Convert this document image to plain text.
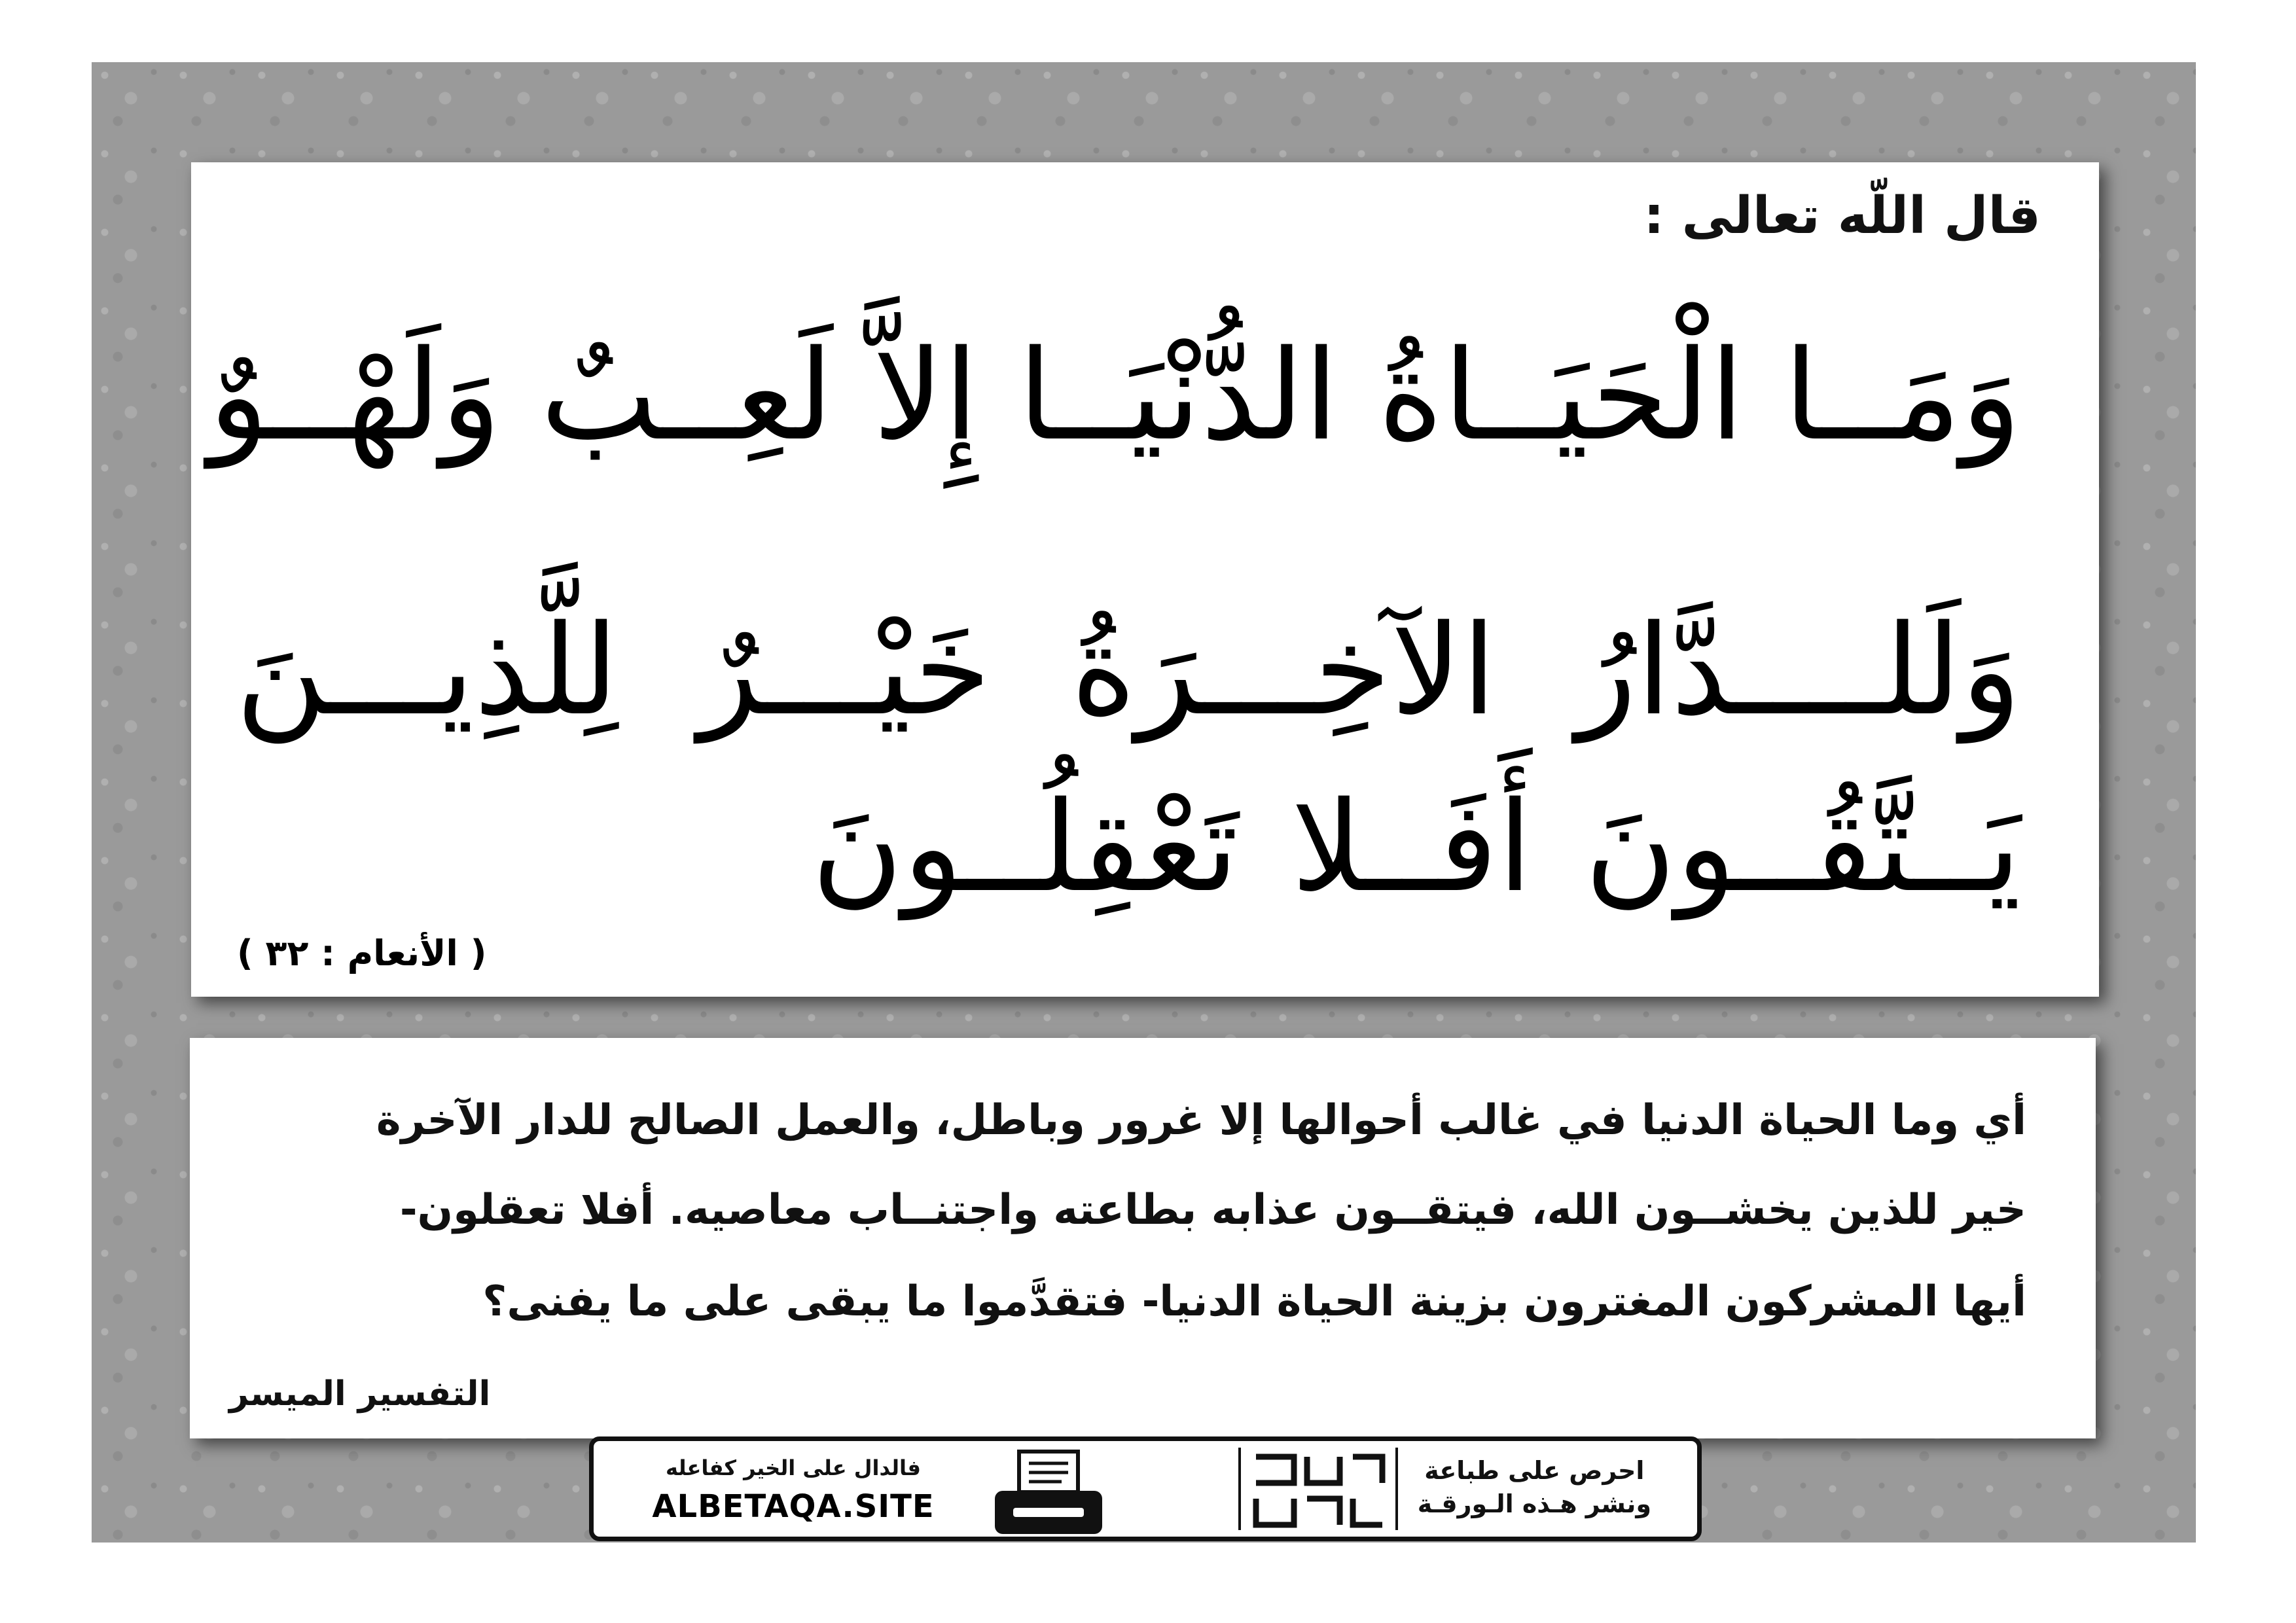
قال اللّه تعالى :
وَمَــا الْحَيَــاةُ الدُّنْيَــا إِلاَّ لَعِــبٌ وَلَهْــوٌ
وَلَلــــدَّارُ الآخِـــرَةُ خَيْـــرٌ لِلَّذِيـــنَ
يَــتَّقُــونَ أَفَــلا تَعْقِلُــونَ
( الأنعام : ٣٢ )
أي وما الحياة الدنيا في غالب أحوالها إلا غرور وباطل، والعمل الصالح للدار الآخرة
خير للذين يخشــون الله، فيتقــون عذابه بطاعته واجتنــاب معاصيه. أفلا تعقلون-
أيها المشركون المغترون بزينة الحياة الدنيا- فتقدَّموا ما يبقى على ما يفنى؟
التفسير الميسر
فالدال على الخير كفاعله
ALBETAQA.SITE
احرص على طباعة
ونشر هـذه الـورقـة
